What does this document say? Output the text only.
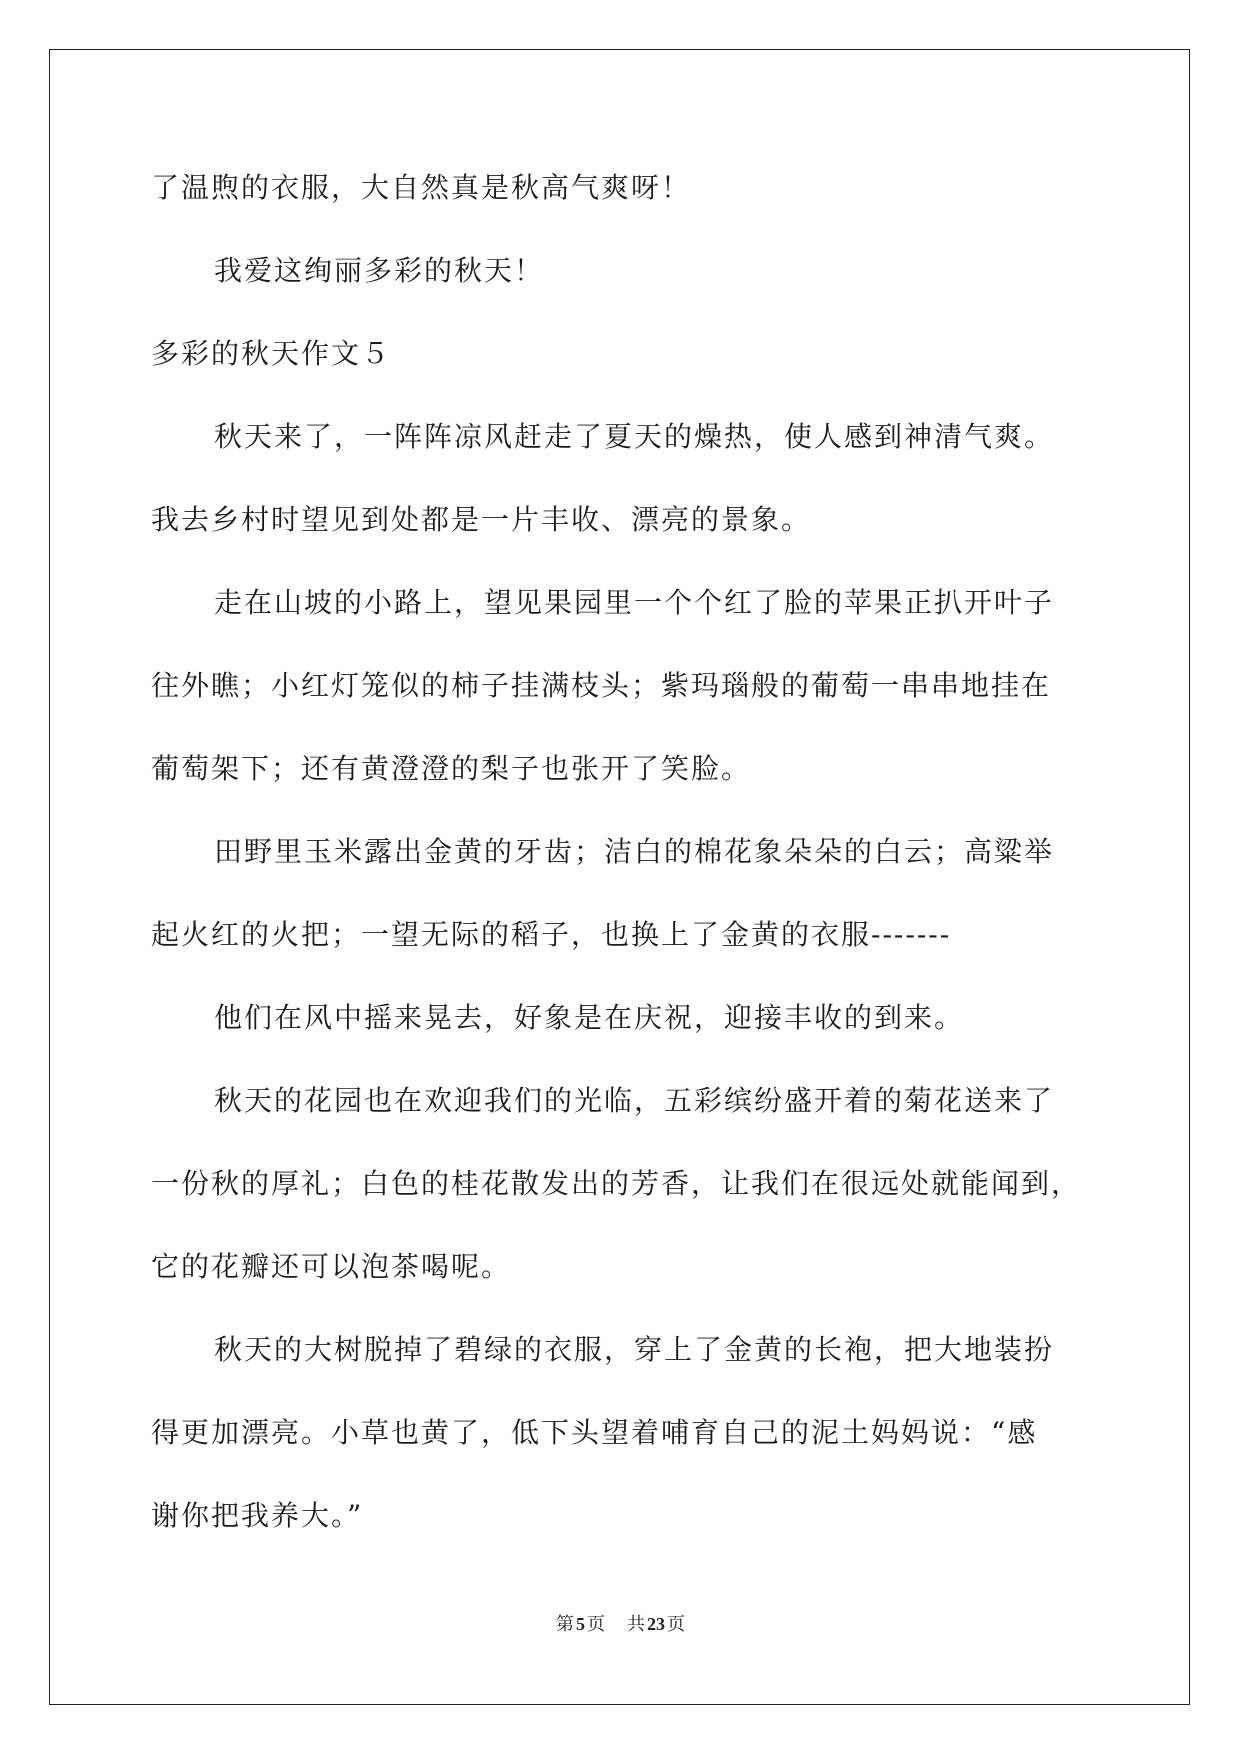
了温煦的衣服，大自然真是秋高气爽呀！
我爱这绚丽多彩的秋天！
多彩的秋天作文５
秋天来了，一阵阵凉风赶走了夏天的燥热，使人感到神清气爽。
我去乡村时望见到处都是一片丰收、漂亮的景象。
走在山坡的小路上，望见果园里一个个红了脸的苹果正扒开叶子
往外瞧；小红灯笼似的柿子挂满枝头；紫玛瑙般的葡萄一串串地挂在
葡萄架下；还有黄澄澄的梨子也张开了笑脸。
田野里玉米露出金黄的牙齿；洁白的棉花象朵朵的白云；高粱举
起火红的火把；一望无际的稻子，也换上了金黄的衣服-------
他们在风中摇来晃去，好象是在庆祝，迎接丰收的到来。
秋天的花园也在欢迎我们的光临，五彩缤纷盛开着的菊花送来了
一份秋的厚礼；白色的桂花散发出的芳香，让我们在很远处就能闻到，
它的花瓣还可以泡茶喝呢。
秋天的大树脱掉了碧绿的衣服，穿上了金黄的长袍，把大地装扮
得更加漂亮。小草也黄了，低下头望着哺育自己的泥土妈妈说：“感
谢你把我养大。”
第 5 页 共 23 页
